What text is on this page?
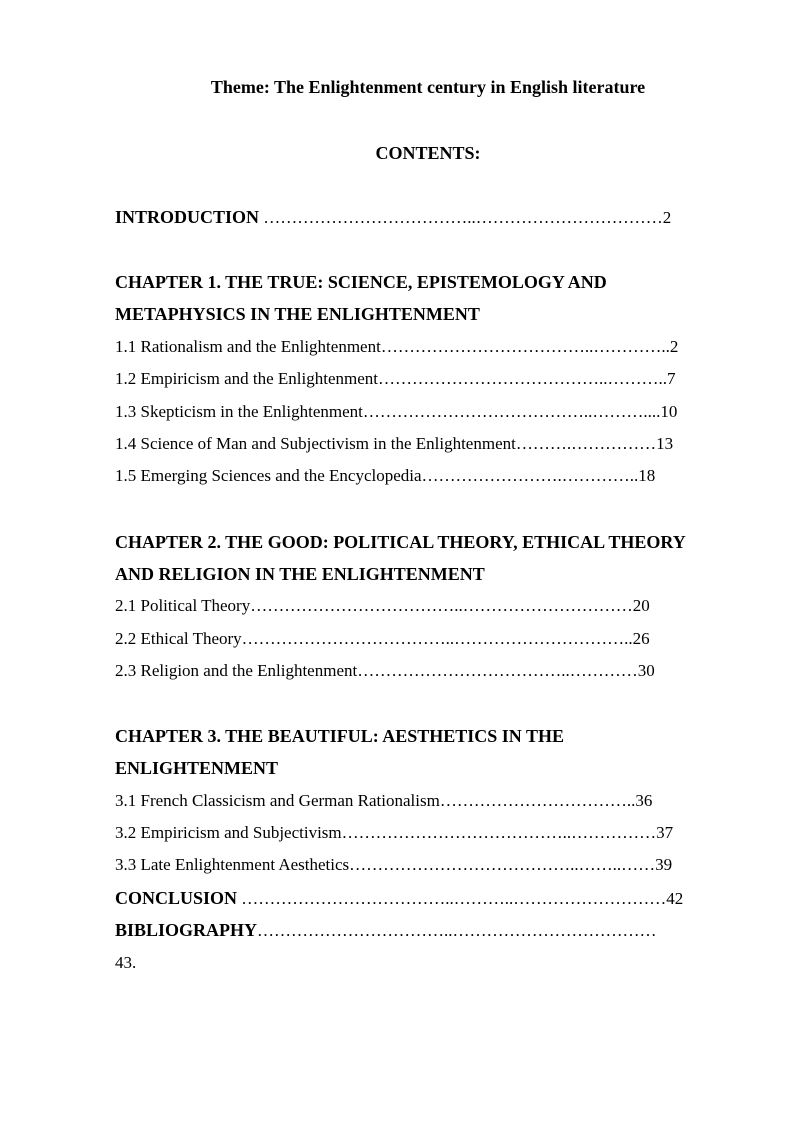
Theme: The Enlightenment century in English literature
CONTENTS:
INTRODUCTION ………………………………..……………………………2
CHAPTER 1. THE TRUE: SCIENCE, EPISTEMOLOGY AND
METAPHYSICS IN THE ENLIGHTENMENT
1.1 Rationalism and the Enlightenment………………………………..…………..2
1.2 Empiricism and the Enlightenment…………………………………..………..7
1.3 Skepticism in the Enlightenment…………………………………..………....10
1.4 Science of Man and Subjectivism in the Enlightenment……….……………13
1.5 Emerging Sciences and the Encyclopedia…………………….…………..18
CHAPTER 2. THE GOOD: POLITICAL THEORY, ETHICAL THEORY
AND RELIGION IN THE ENLIGHTENMENT
2.1 Political Theory………………………………..…………………………20
2.2 Ethical Theory………………………………..…………………………..26
2.3 Religion and the Enlightenment………………………………..…………30
CHAPTER 3. THE BEAUTIFUL: AESTHETICS IN THE
ENLIGHTENMENT
3.1 French Classicism and German Rationalism……………………………..36
3.2 Empiricism and Subjectivism…………………………………..……………37
3.3 Late Enlightenment Aesthetics…………………………………..……..……39
CONCLUSION ………………………………..………..………………………42
BIBLIOGRAPHY……………………………..………………………………
43.
